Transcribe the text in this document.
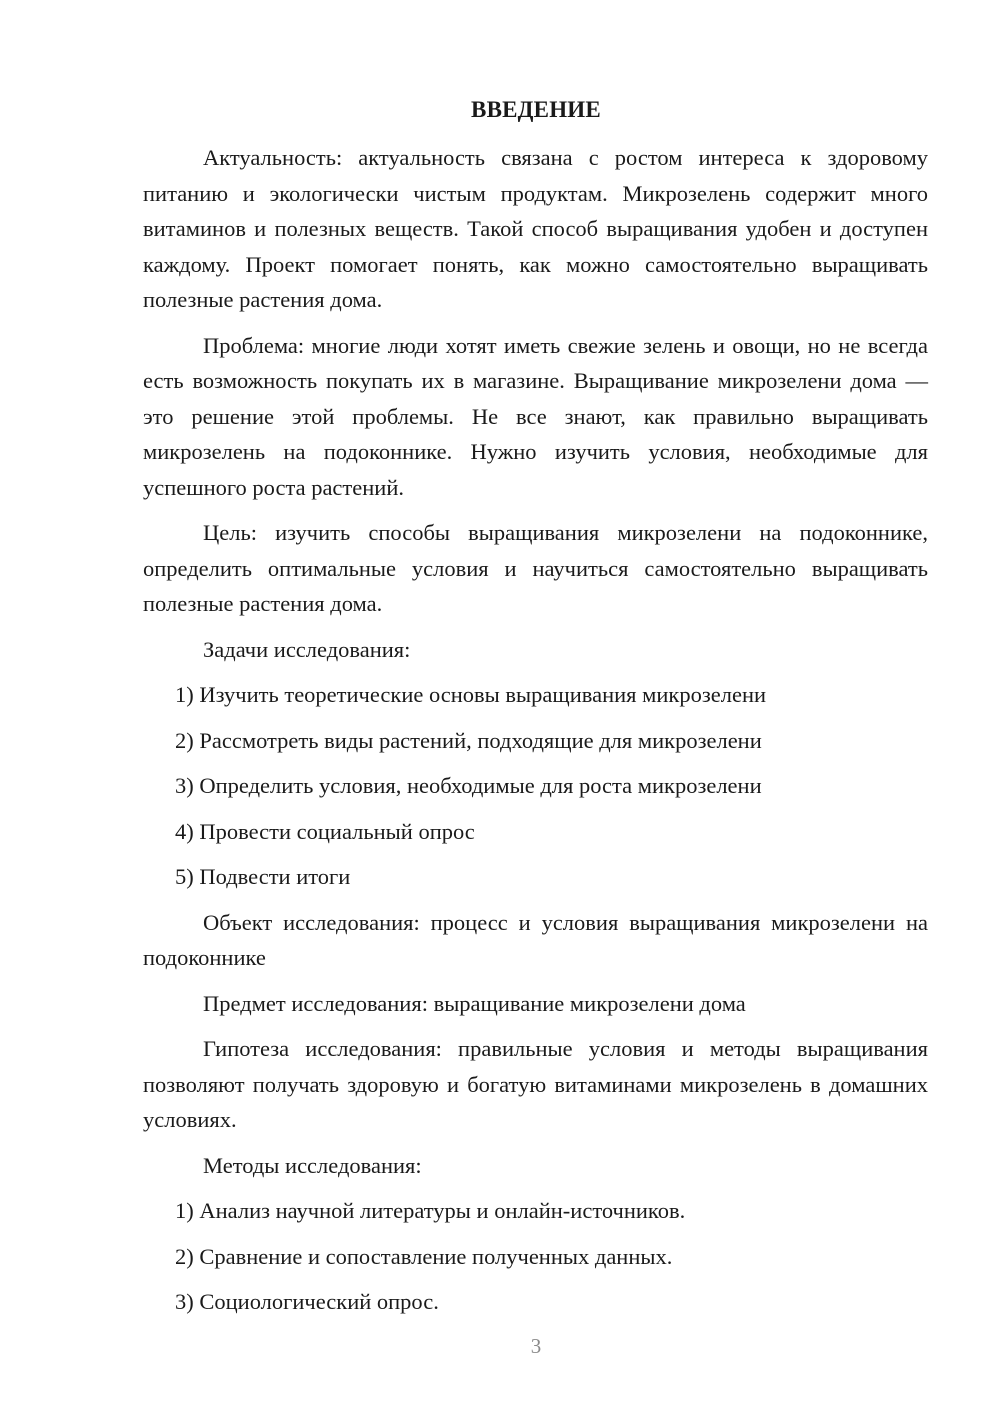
ВВЕДЕНИЕ

Актуальность: актуальность связана с ростом интереса к здоровому питанию и экологически чистым продуктам. Микрозелень содержит много витаминов и полезных веществ. Такой способ выращивания удобен и доступен каждому. Проект помогает понять, как можно самостоятельно выращивать полезные растения дома.

Проблема: многие люди хотят иметь свежие зелень и овощи, но не всегда есть возможность покупать их в магазине. Выращивание микрозелени дома — это решение этой проблемы. Не все знают, как правильно выращивать микрозелень на подоконнике. Нужно изучить условия, необходимые для успешного роста растений.

Цель: изучить способы выращивания микрозелени на подоконнике, определить оптимальные условия и научиться самостоятельно выращивать полезные растения дома.

Задачи исследования:

1) Изучить теоретические основы выращивания микрозелени

2) Рассмотреть виды растений, подходящие для микрозелени

3) Определить условия, необходимые для роста микрозелени

4) Провести социальный опрос

5) Подвести итоги

Объект исследования: процесс и условия выращивания микрозелени на подоконнике

Предмет исследования: выращивание микрозелени дома

Гипотеза исследования: правильные условия и методы выращивания позволяют получать здоровую и богатую витаминами микрозелень в домашних условиях.

Методы исследования:

1) Анализ научной литературы и онлайн-источников.

2) Сравнение и сопоставление полученных данных.

3) Социологический опрос.

3
